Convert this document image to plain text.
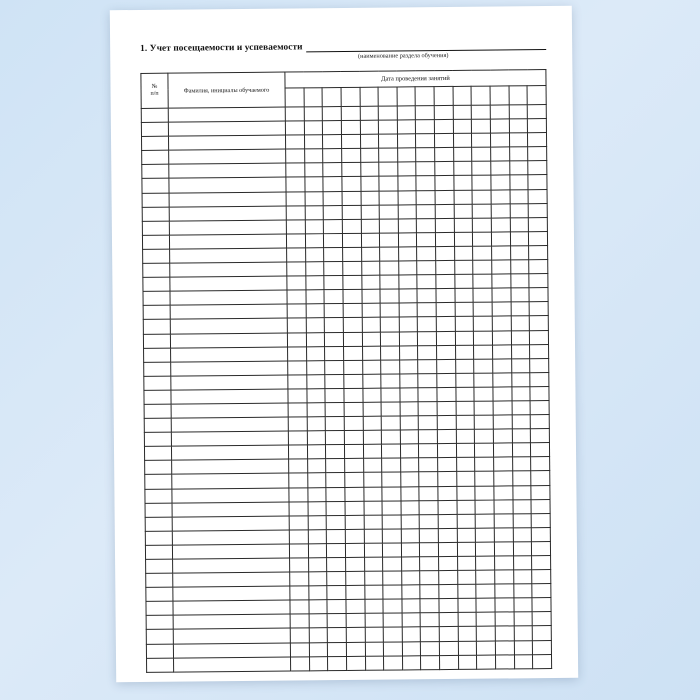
1. Учет посещаемости и успеваемости
(наименование раздела обучения)
№
п/п	Фамилия, инициалы обучаемого	Дата проведения занятий													
